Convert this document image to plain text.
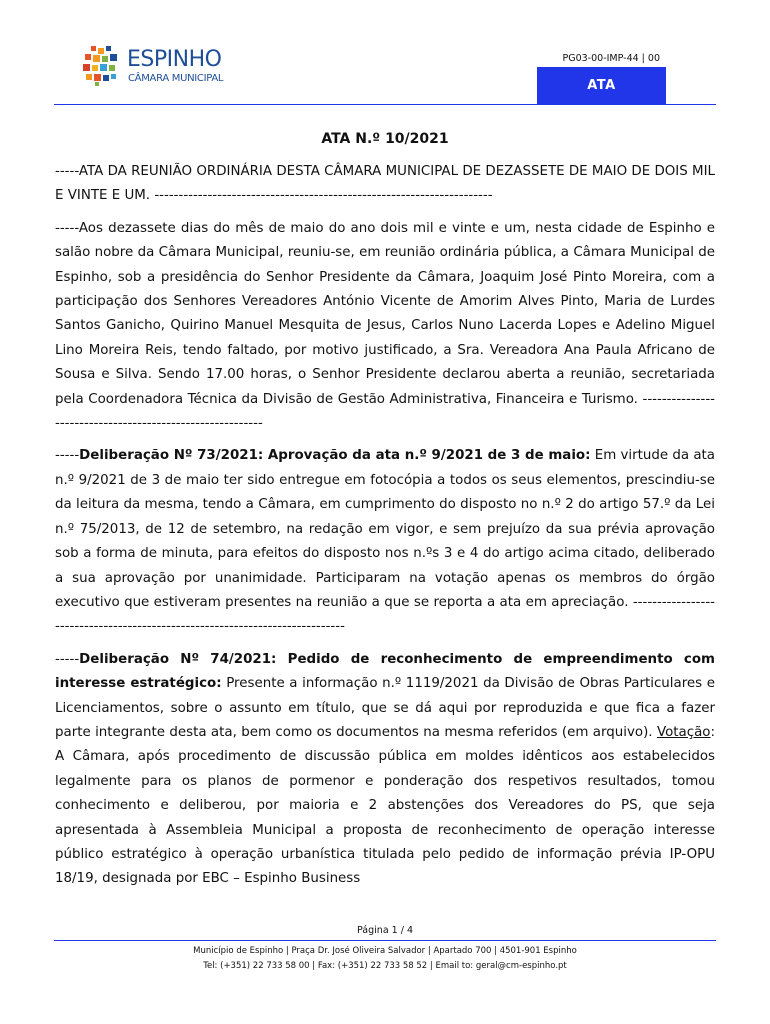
ESPINHO
CÂMARA MUNICIPAL
PG03-00-IMP-44 | 00
ATA
ATA N.º 10/2021

-----ATA DA REUNIÃO ORDINÁRIA DESTA CÂMARA MUNICIPAL DE DEZASSETE DE MAIO DE DOIS MIL E VINTE E UM. ----------------------------------------------------------------------

-----Aos dezassete dias do mês de maio do ano dois mil e vinte e um, nesta cidade de Espinho e salão nobre da Câmara Municipal, reuniu-se, em reunião ordinária pública, a Câmara Municipal de Espinho, sob a presidência do Senhor Presidente da Câmara, Joaquim José Pinto Moreira, com a participação dos Senhores Vereadores António Vicente de Amorim Alves Pinto, Maria de Lurdes Santos Ganicho, Quirino Manuel Mesquita de Jesus, Carlos Nuno Lacerda Lopes e Adelino Miguel Lino Moreira Reis, tendo faltado, por motivo justificado, a Sra. Vereadora Ana Paula Africano de Sousa e Silva. Sendo 17.00 horas, o Senhor Presidente declarou aberta a reunião, secretariada pela Coordenadora Técnica da Divisão de Gestão Administrativa, Financeira e Turismo. ----------------------------------------------------------

-----Deliberação Nº 73/2021: Aprovação da ata n.º 9/2021 de 3 de maio: Em virtude da ata n.º 9/2021 de 3 de maio ter sido entregue em fotocópia a todos os seus elementos, prescindiu-se da leitura da mesma, tendo a Câmara, em cumprimento do disposto no n.º 2 do artigo 57.º da Lei n.º 75/2013, de 12 de setembro, na redação em vigor, e sem prejuízo da sua prévia aprovação sob a forma de minuta, para efeitos do disposto nos n.ºs 3 e 4 do artigo acima citado, deliberado a sua aprovação por unanimidade. Participaram na votação apenas os membros do órgão executivo que estiveram presentes na reunião a que se reporta a ata em apreciação. -----------------------------------------------------------------------------

-----Deliberação Nº 74/2021: Pedido de reconhecimento de empreendimento com interesse estratégico: Presente a informação n.º 1119/2021 da Divisão de Obras Particulares e Licenciamentos, sobre o assunto em título, que se dá aqui por reproduzida e que fica a fazer parte integrante desta ata, bem como os documentos na mesma referidos (em arquivo). Votação: A Câmara, após procedimento de discussão pública em moldes idênticos aos estabelecidos legalmente para os planos de pormenor e ponderação dos respetivos resultados, tomou conhecimento e deliberou, por maioria e 2 abstenções dos Vereadores do PS, que seja apresentada à Assembleia Municipal a proposta de reconhecimento de operação interesse público estratégico à operação urbanística titulada pelo pedido de informação prévia IP-OPU 18/19, designada por EBC – Espinho Business

Página 1 / 4
Município de Espinho | Praça Dr. José Oliveira Salvador | Apartado 700 | 4501-901 Espinho
Tel: (+351) 22 733 58 00 | Fax: (+351) 22 733 58 52 | Email to: geral@cm-espinho.pt
